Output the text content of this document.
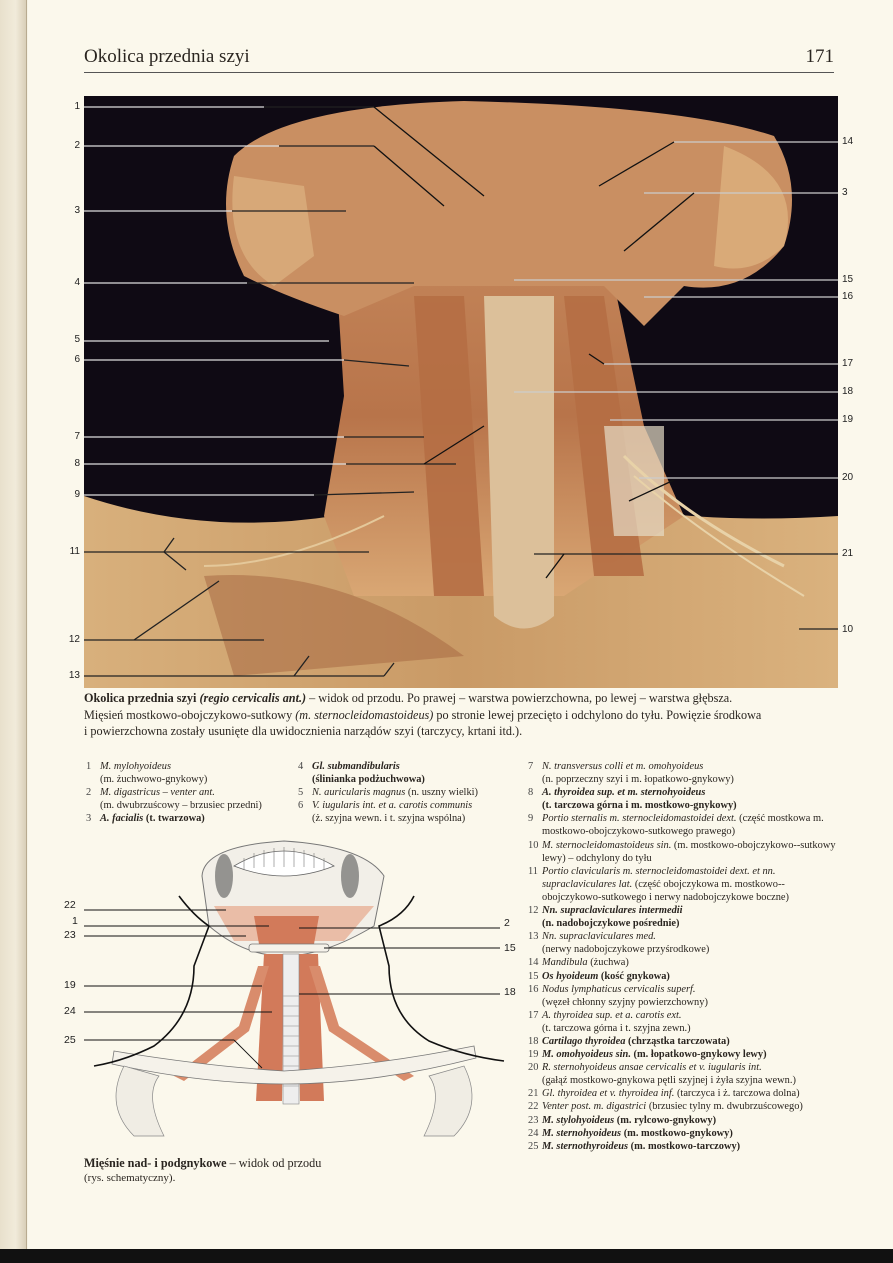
Okolica przednia szyi	171
1
2
3
4
5
6
7
8
9
11
12
13
14
3
15
16
17
18
19
20
21
10
Okolica przednia szyi (regio cervicalis ant.) – widok od przodu. Po prawej – warstwa powierzchowna, po lewej – warstwa głębsza.
Mięsień mostkowo-obojczykowo-sutkowy (m. sternocleidomastoideus) po stronie lewej przecięto i odchylono do tyłu. Powięzie środkowa
i powierzchowna zostały usunięte dla uwidocznienia narządów szyi (tarczycy, krtani itd.).
1 M. mylohyoideus
(m. żuchwowo-gnykowy)
2 M. digastricus – venter ant.
(m. dwubrzuścowy – brzusiec przedni)
3 A. facialis (t. twarzowa)
4 Gl. submandibularis
(ślinianka podżuchwowa)
5 N. auricularis magnus (n. uszny wielki)
6 V. iugularis int. et a. carotis communis
(ż. szyjna wewn. i t. szyjna wspólna)
7 N. transversus colli et m. omohyoideus
(n. poprzeczny szyi i m. łopatkowo-gnykowy)
8 A. thyroidea sup. et m. sternohyoideus
(t. tarczowa górna i m. mostkowo-gnykowy)
9 Portio sternalis m. sternocleidomastoidei dext. (część mostkowa m. mostkowo-obojczykowo-sutkowego prawego)
10 M. sternocleidomastoideus sin. (m. mostkowo-obojczykowo--sutkowy lewy) – odchylony do tyłu
11 Portio clavicularis m. sternocleidomastoidei dext. et nn. supraclaviculares lat. (część obojczykowa m. mostkowo--obojczykowo-sutkowego i nerwy nadobojczykowe boczne)
12 Nn. supraclaviculares intermedii
(n. nadobojczykowe pośrednie)
13 Nn. supraclaviculares med.
(nerwy nadobojczykowe przyśrodkowe)
14 Mandibula (żuchwa)
15 Os hyoideum (kość gnykowa)
16 Nodus lymphaticus cervicalis superf.
(węzeł chłonny szyjny powierzchowny)
17 A. thyroidea sup. et a. carotis ext.
(t. tarczowa górna i t. szyjna zewn.)
18 Cartilago thyroidea (chrząstka tarczowata)
19 M. omohyoideus sin. (m. łopatkowo-gnykowy lewy)
20 R. sternohyoideus ansae cervicalis et v. iugularis int.
(gałąź mostkowo-gnykowa pętli szyjnej i żyła szyjna wewn.)
21 Gl. thyroidea et v. thyroidea inf. (tarczyca i ż. tarczowa dolna)
22 Venter post. m. digastrici (brzusiec tylny m. dwubrzuścowego)
23 M. stylohyoideus (m. rylcowo-gnykowy)
24 M. sternohyoideus (m. mostkowo-gnykowy)
25 M. sternothyroideus (m. mostkowo-tarczowy)
22
1
23
19
24
25
2
15
18
Mięśnie nad- i podgnykowe – widok od przodu
(rys. schematyczny).
